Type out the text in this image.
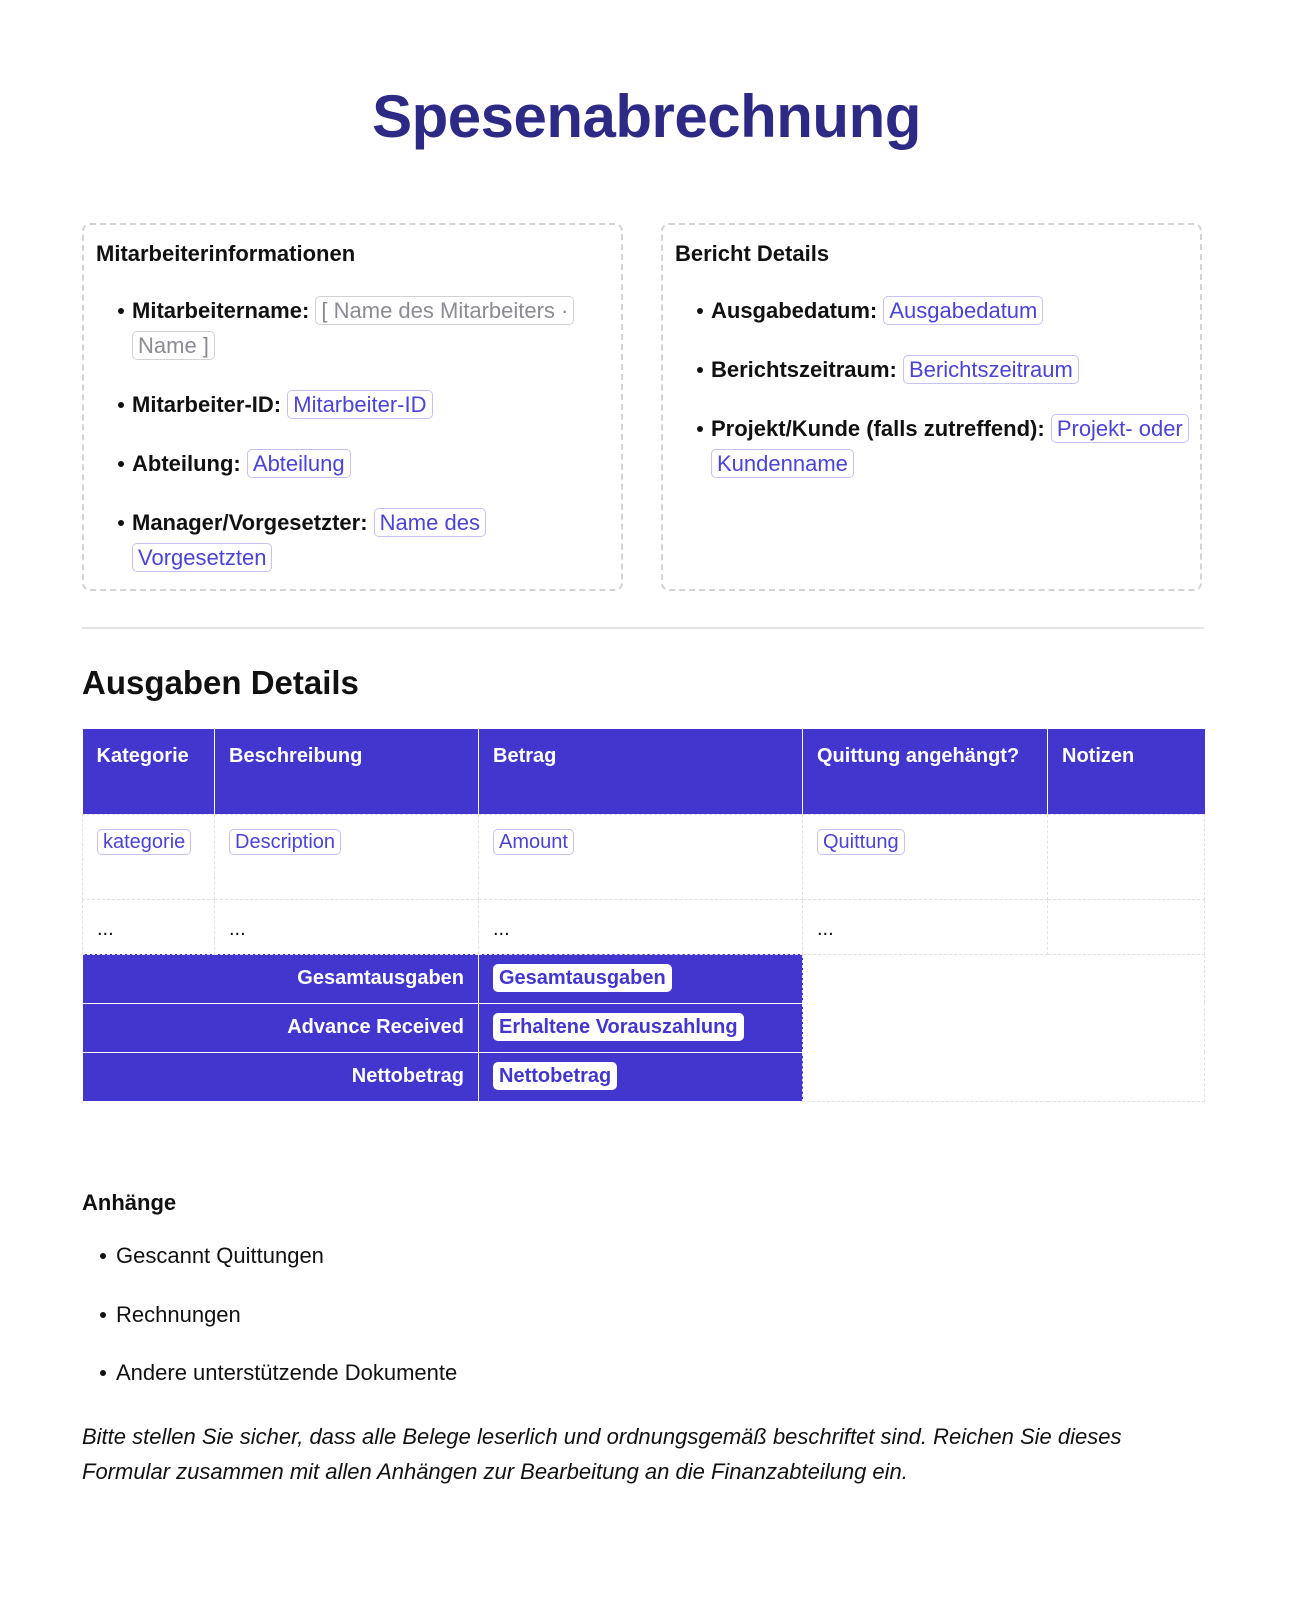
Spesenabrechnung
Mitarbeiterinformationen
Mitarbeitername: [ Name des Mitarbeiters · Name ]
Mitarbeiter-ID: Mitarbeiter-ID
Abteilung: Abteilung
Manager/Vorgesetzter: Name des Vorgesetzten
Bericht Details
Ausgabedatum: Ausgabedatum
Berichtszeitraum: Berichtszeitraum
Projekt/Kunde (falls zutreffend): Projekt- oder Kundenname
Ausgaben Details
Kategorie	Beschreibung	Betrag	Quittung angehängt?	Notizen
kategorie	Description	Amount	Quittung	
...	...	...	...	
Gesamtausgaben		Gesamtausgaben		
Advance Received		Erhaltene Vorauszahlung		
Nettobetrag		Nettobetrag		
Anhänge
Gescannt Quittungen
Rechnungen
Andere unterstützende Dokumente

Bitte stellen Sie sicher, dass alle Belege leserlich und ordnungsgemäß beschriftet sind. Reichen Sie dieses Formular zusammen mit allen Anhängen zur Bearbeitung an die Finanzabteilung ein.
